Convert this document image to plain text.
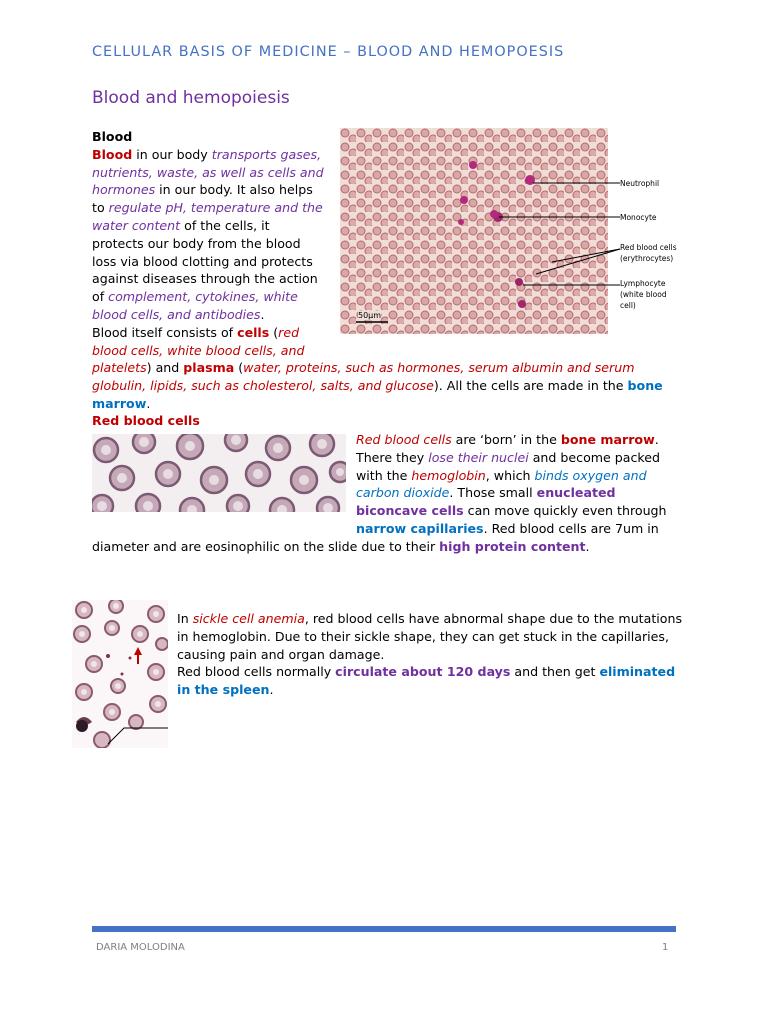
CELLULAR BASIS OF MEDICINE – BLOOD AND HEMOPOESIS
Blood and hemopoiesis
Blood
Blood in our body transports gases, nutrients, waste, as well as cells and hormones in our body. It also helps to regulate pH, temperature and the water content of the cells, it protects our body from the blood loss via blood clotting and protects against diseases through the action of complement, cytokines, white blood cells, and antibodies.
Blood itself consists of cells (red blood cells, white blood cells, and platelets) and plasma (water, proteins, such as hormones, serum albumin and serum globulin, lipids, such as cholesterol, salts, and glucose). All the cells are made in the bone marrow.
Neutrophil
Monocyte
Red blood cells
(erythrocytes)
Lymphocyte
(white blood
cell)
50μm
Red blood cells
Red blood cells are ‘born’ in the bone marrow. There they lose their nuclei and become packed with the hemoglobin, which binds oxygen and carbon dioxide. Those small enucleated biconcave cells can move quickly even through narrow capillaries. Red blood cells are 7um in diameter and are eosinophilic on the slide due to their high protein content.
In sickle cell anemia, red blood cells have abnormal shape due to the mutations in hemoglobin. Due to their sickle shape, they can get stuck in the capillaries, causing pain and organ damage.
Red blood cells normally circulate about 120 days and then get eliminated in the spleen.
DARIA MOLODINA	1
